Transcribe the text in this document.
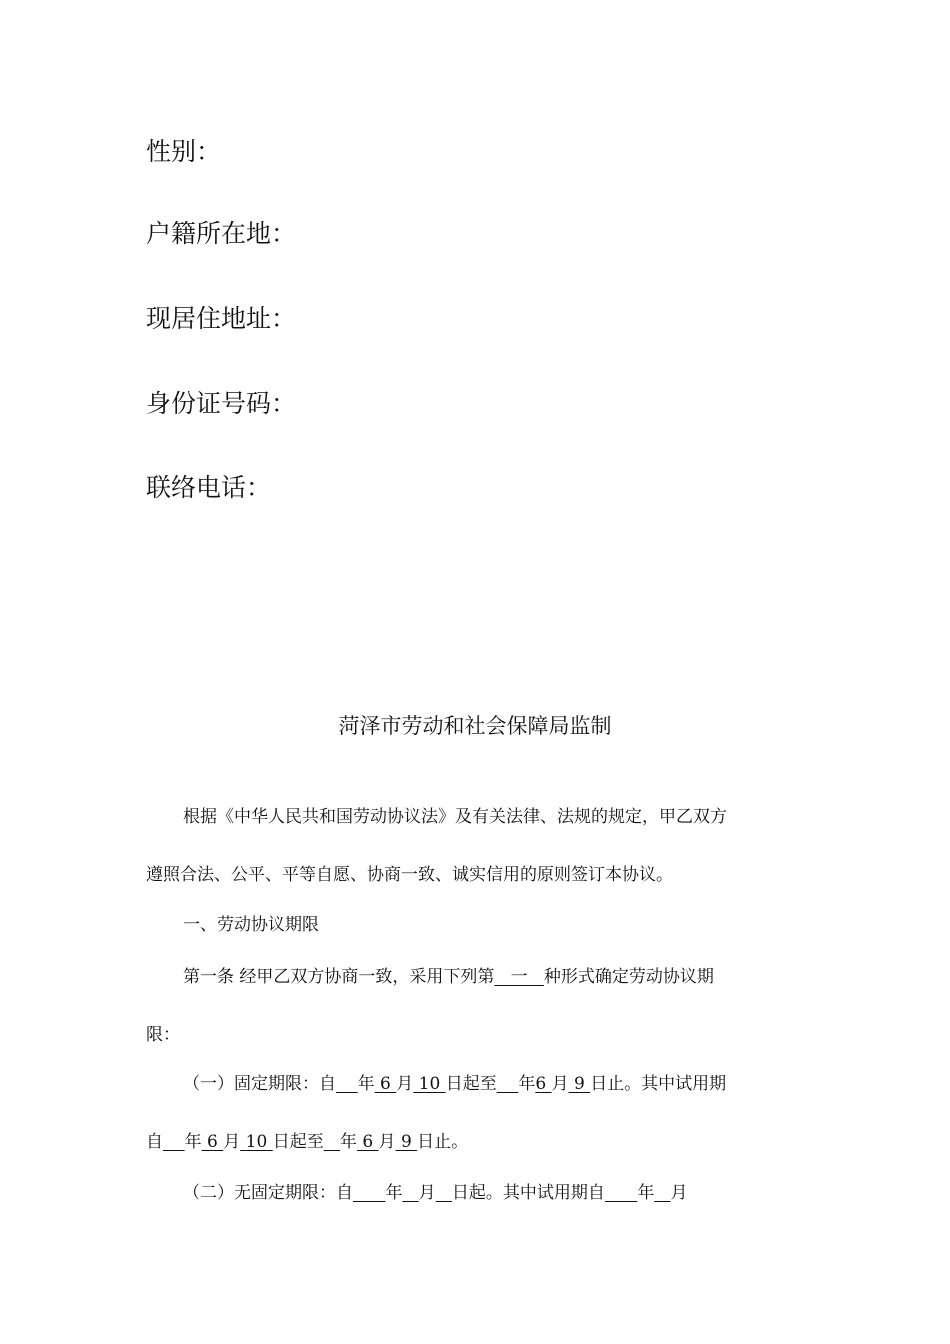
性别：
户籍所在地：
现居住地址：
身份证号码：
联络电话：
菏泽市劳动和社会保障局监制
根据《中华人民共和国劳动协议法》及有关法律、法规的规定，甲乙双方
遵照合法、公平、平等自愿、协商一致、诚实信用的原则签订本协议。
一、劳动协议期限
第一条 经甲乙双方协商一致，采用下列第   一   种形式确定劳动协议期
限：
（一）固定期限：自 年 6 月 10 日起至 年6 月 9 日止。其中试用期
自 年 6 月 10 日起至 年 6 月 9 日止。
（二）无固定期限：自 年 月 日起。其中试用期自 年 月
